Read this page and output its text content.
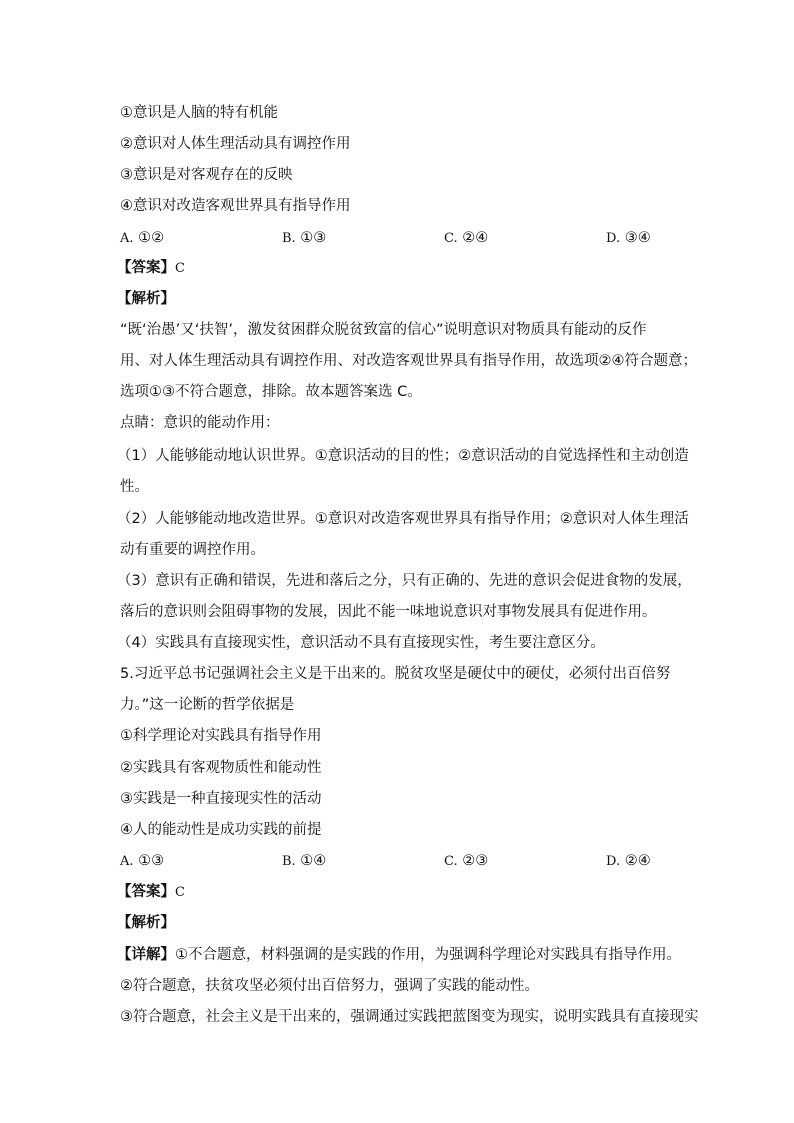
①意识是人脑的特有机能
②意识对人体生理活动具有调控作用
③意识是对客观存在的反映
④意识对改造客观世界具有指导作用
A. ①②	B. ①③	C. ②④	D. ③④
【答案】C
【解析】
“既‘治愚’又‘扶智’，激发贫困群众脱贫致富的信心”说明意识对物质具有能动的反作
用、对人体生理活动具有调控作用、对改造客观世界具有指导作用，故选项②④符合题意；
选项①③不符合题意，排除。故本题答案选 C。
点睛：意识的能动作用：
（1）人能够能动地认识世界。①意识活动的目的性；②意识活动的自觉选择性和主动创造
性。
（2）人能够能动地改造世界。①意识对改造客观世界具有指导作用；②意识对人体生理活
动有重要的调控作用。
（3）意识有正确和错误，先进和落后之分，只有正确的、先进的意识会促进食物的发展，
落后的意识则会阻碍事物的发展，因此不能一味地说意识对事物发展具有促进作用。
（4）实践具有直接现实性，意识活动不具有直接现实性，考生要注意区分。
5.习近平总书记强调社会主义是干出来的。脱贫攻坚是硬仗中的硬仗，必须付出百倍努
力。”这一论断的哲学依据是
①科学理论对实践具有指导作用
②实践具有客观物质性和能动性
③实践是一种直接现实性的活动
④人的能动性是成功实践的前提
A. ①③	B. ①④	C. ②③	D. ②④
【答案】C
【解析】
【详解】①不合题意，材料强调的是实践的作用，为强调科学理论对实践具有指导作用。
②符合题意，扶贫攻坚必须付出百倍努力，强调了实践的能动性。
③符合题意，社会主义是干出来的，强调通过实践把蓝图变为现实，说明实践具有直接现实
